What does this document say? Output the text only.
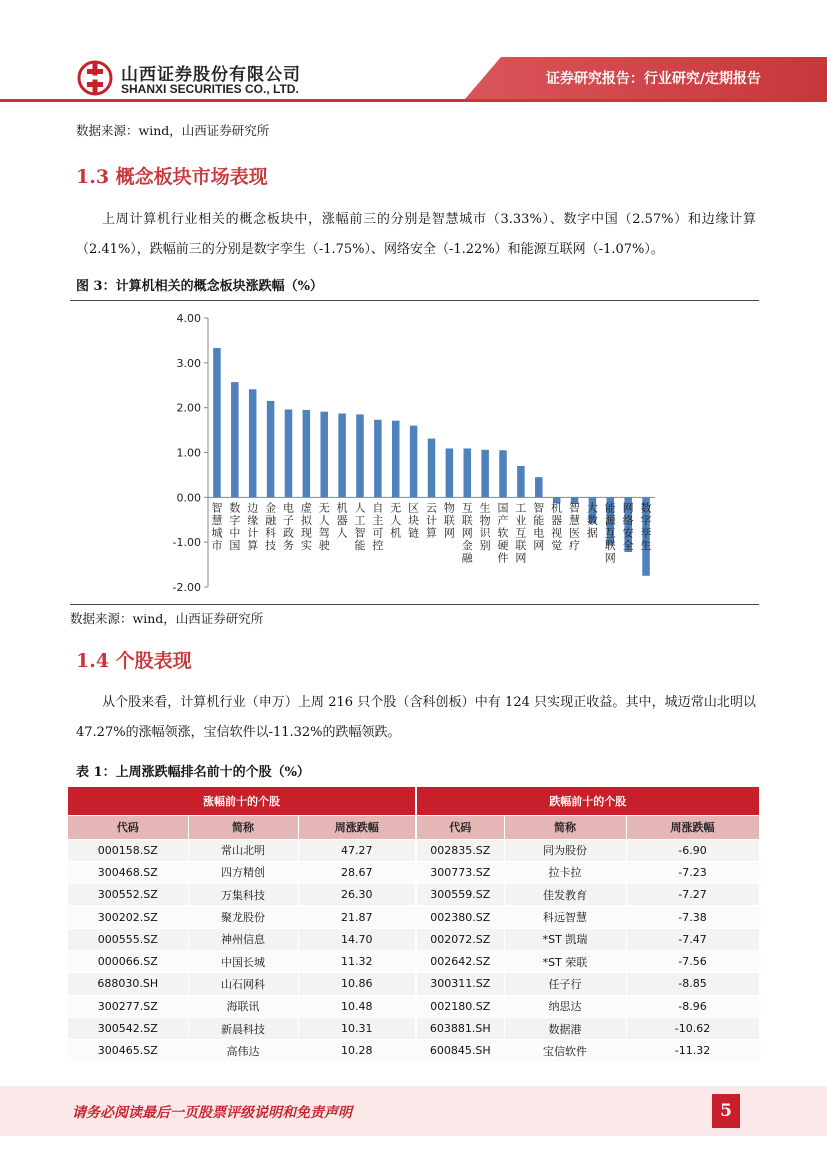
山西证券股份有限公司
SHANXI SECURITIES CO., LTD.
证券研究报告：行业研究/定期报告
数据来源：wind，山西证券研究所
1.3 概念板块市场表现
上周计算机行业相关的概念板块中，涨幅前三的分别是智慧城市（3.33%）、数字中国（2.57%）和边缘计算（2.41%），跌幅前三的分别是数字孪生（-1.75%）、网络安全（-1.22%）和能源互联网（-1.07%）。
图 3：计算机相关的概念板块涨跌幅（%）
4.00
3.00
2.00
1.00
0.00
-1.00
-2.00
智慧城市
数字中国
边缘计算
金融科技
电子政务
虚拟现实
无人驾驶
机器人
人工智能
自主可控
无人机
区块链
云计算
物联网
互联网金融
生物识别
国产软硬件
工业互联网
智能电网
机器视觉
智慧医疗
大数据
能源互联网
网络安全
数字孪生
数据来源：wind，山西证券研究所
1.4 个股表现
从个股来看，计算机行业（申万）上周 216 只个股（含科创板）中有 124 只实现正收益。其中，城迈常山北明以 47.27%的涨幅领涨，宝信软件以-11.32%的跌幅领跌。
表 1：上周涨跌幅排名前十的个股（%）
涨幅前十的个股			跌幅前十的个股		
代码	简称	周涨跌幅	代码	简称	周涨跌幅
000158.SZ	常山北明	47.27	002835.SZ	同为股份	-6.90
300468.SZ	四方精创	28.67	300773.SZ	拉卡拉	-7.23
300552.SZ	万集科技	26.30	300559.SZ	佳发教育	-7.27
300202.SZ	聚龙股份	21.87	002380.SZ	科远智慧	-7.38
000555.SZ	神州信息	14.70	002072.SZ	*ST 凯瑞	-7.47
000066.SZ	中国长城	11.32	002642.SZ	*ST 荣联	-7.56
688030.SH	山石网科	10.86	300311.SZ	任子行	-8.85
300277.SZ	海联讯	10.48	002180.SZ	纳思达	-8.96
300542.SZ	新晨科技	10.31	603881.SH	数据港	-10.62
300465.SZ	高伟达	10.28	600845.SH	宝信软件	-11.32
请务必阅读最后一页股票评级说明和免责声明	5
